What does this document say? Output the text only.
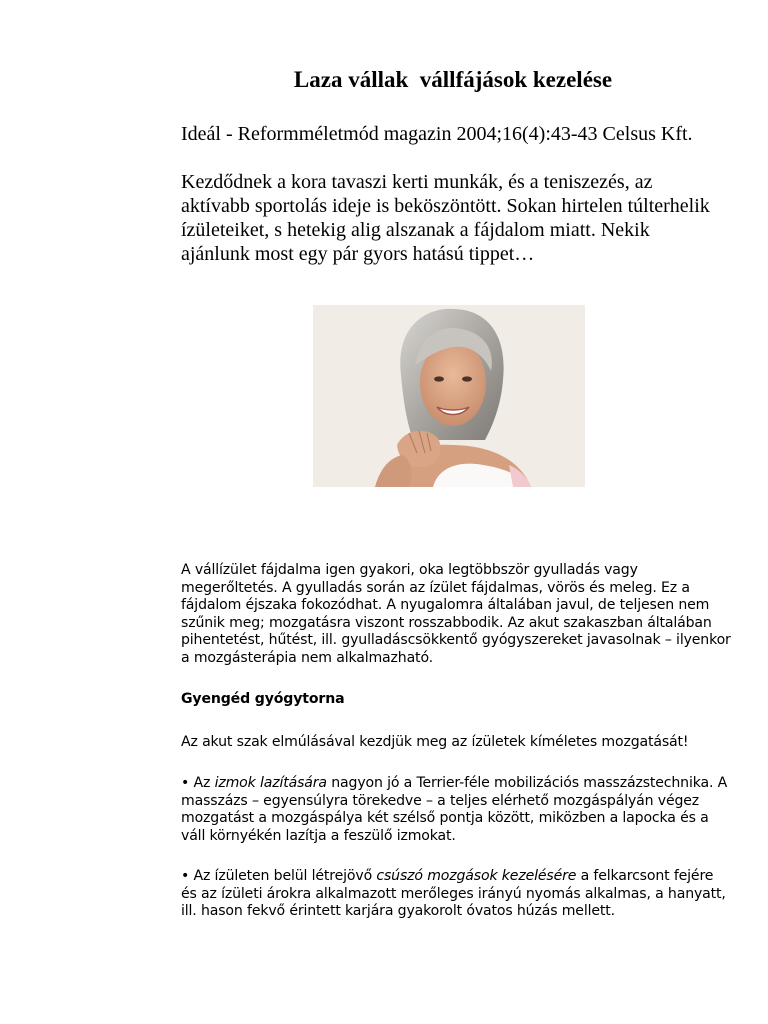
Laza vállak  vállfájások kezelése
Ideál - Reformméletmód magazin 2004;16(4):43-43 Celsus Kft.
Kezdődnek a kora tavaszi kerti munkák, és a teniszezés, az aktívabb sportolás ideje is beköszöntött. Sokan hirtelen túlterhelik ízületeiket, s hetekig alig alszanak a fájdalom miatt. Nekik ajánlunk most egy pár gyors hatású tippet…
A vállízület fájdalma igen gyakori, oka legtöbbször gyulladás vagy megerőltetés. A gyulladás során az ízület fájdalmas, vörös és meleg. Ez a fájdalom éjszaka fokozódhat. A nyugalomra általában javul, de teljesen nem szűnik meg; mozgatásra viszont rosszabbodik. Az akut szakaszban általában pihentetést, hűtést, ill. gyulladáscsökkentő gyógyszereket javasolnak – ilyenkor a mozgásterápia nem alkalmazható.
Gyengéd gyógytorna
Az akut szak elmúlásával kezdjük meg az ízületek kíméletes mozgatását!
• Az izmok lazítására nagyon jó a Terrier-féle mobilizációs masszázstechnika. A masszázs – egyensúlyra törekedve – a teljes elérhető mozgáspályán végez mozgatást a mozgáspálya két szélső pontja között, miközben a lapocka és a váll környékén lazítja a feszülő izmokat.
• Az ízületen belül létrejövő csúszó mozgások kezelésére a felkarcsont fejére és az ízületi árokra alkalmazott merőleges irányú nyomás alkalmas, a hanyatt, ill. hason fekvő érintett karjára gyakorolt óvatos húzás mellett.
